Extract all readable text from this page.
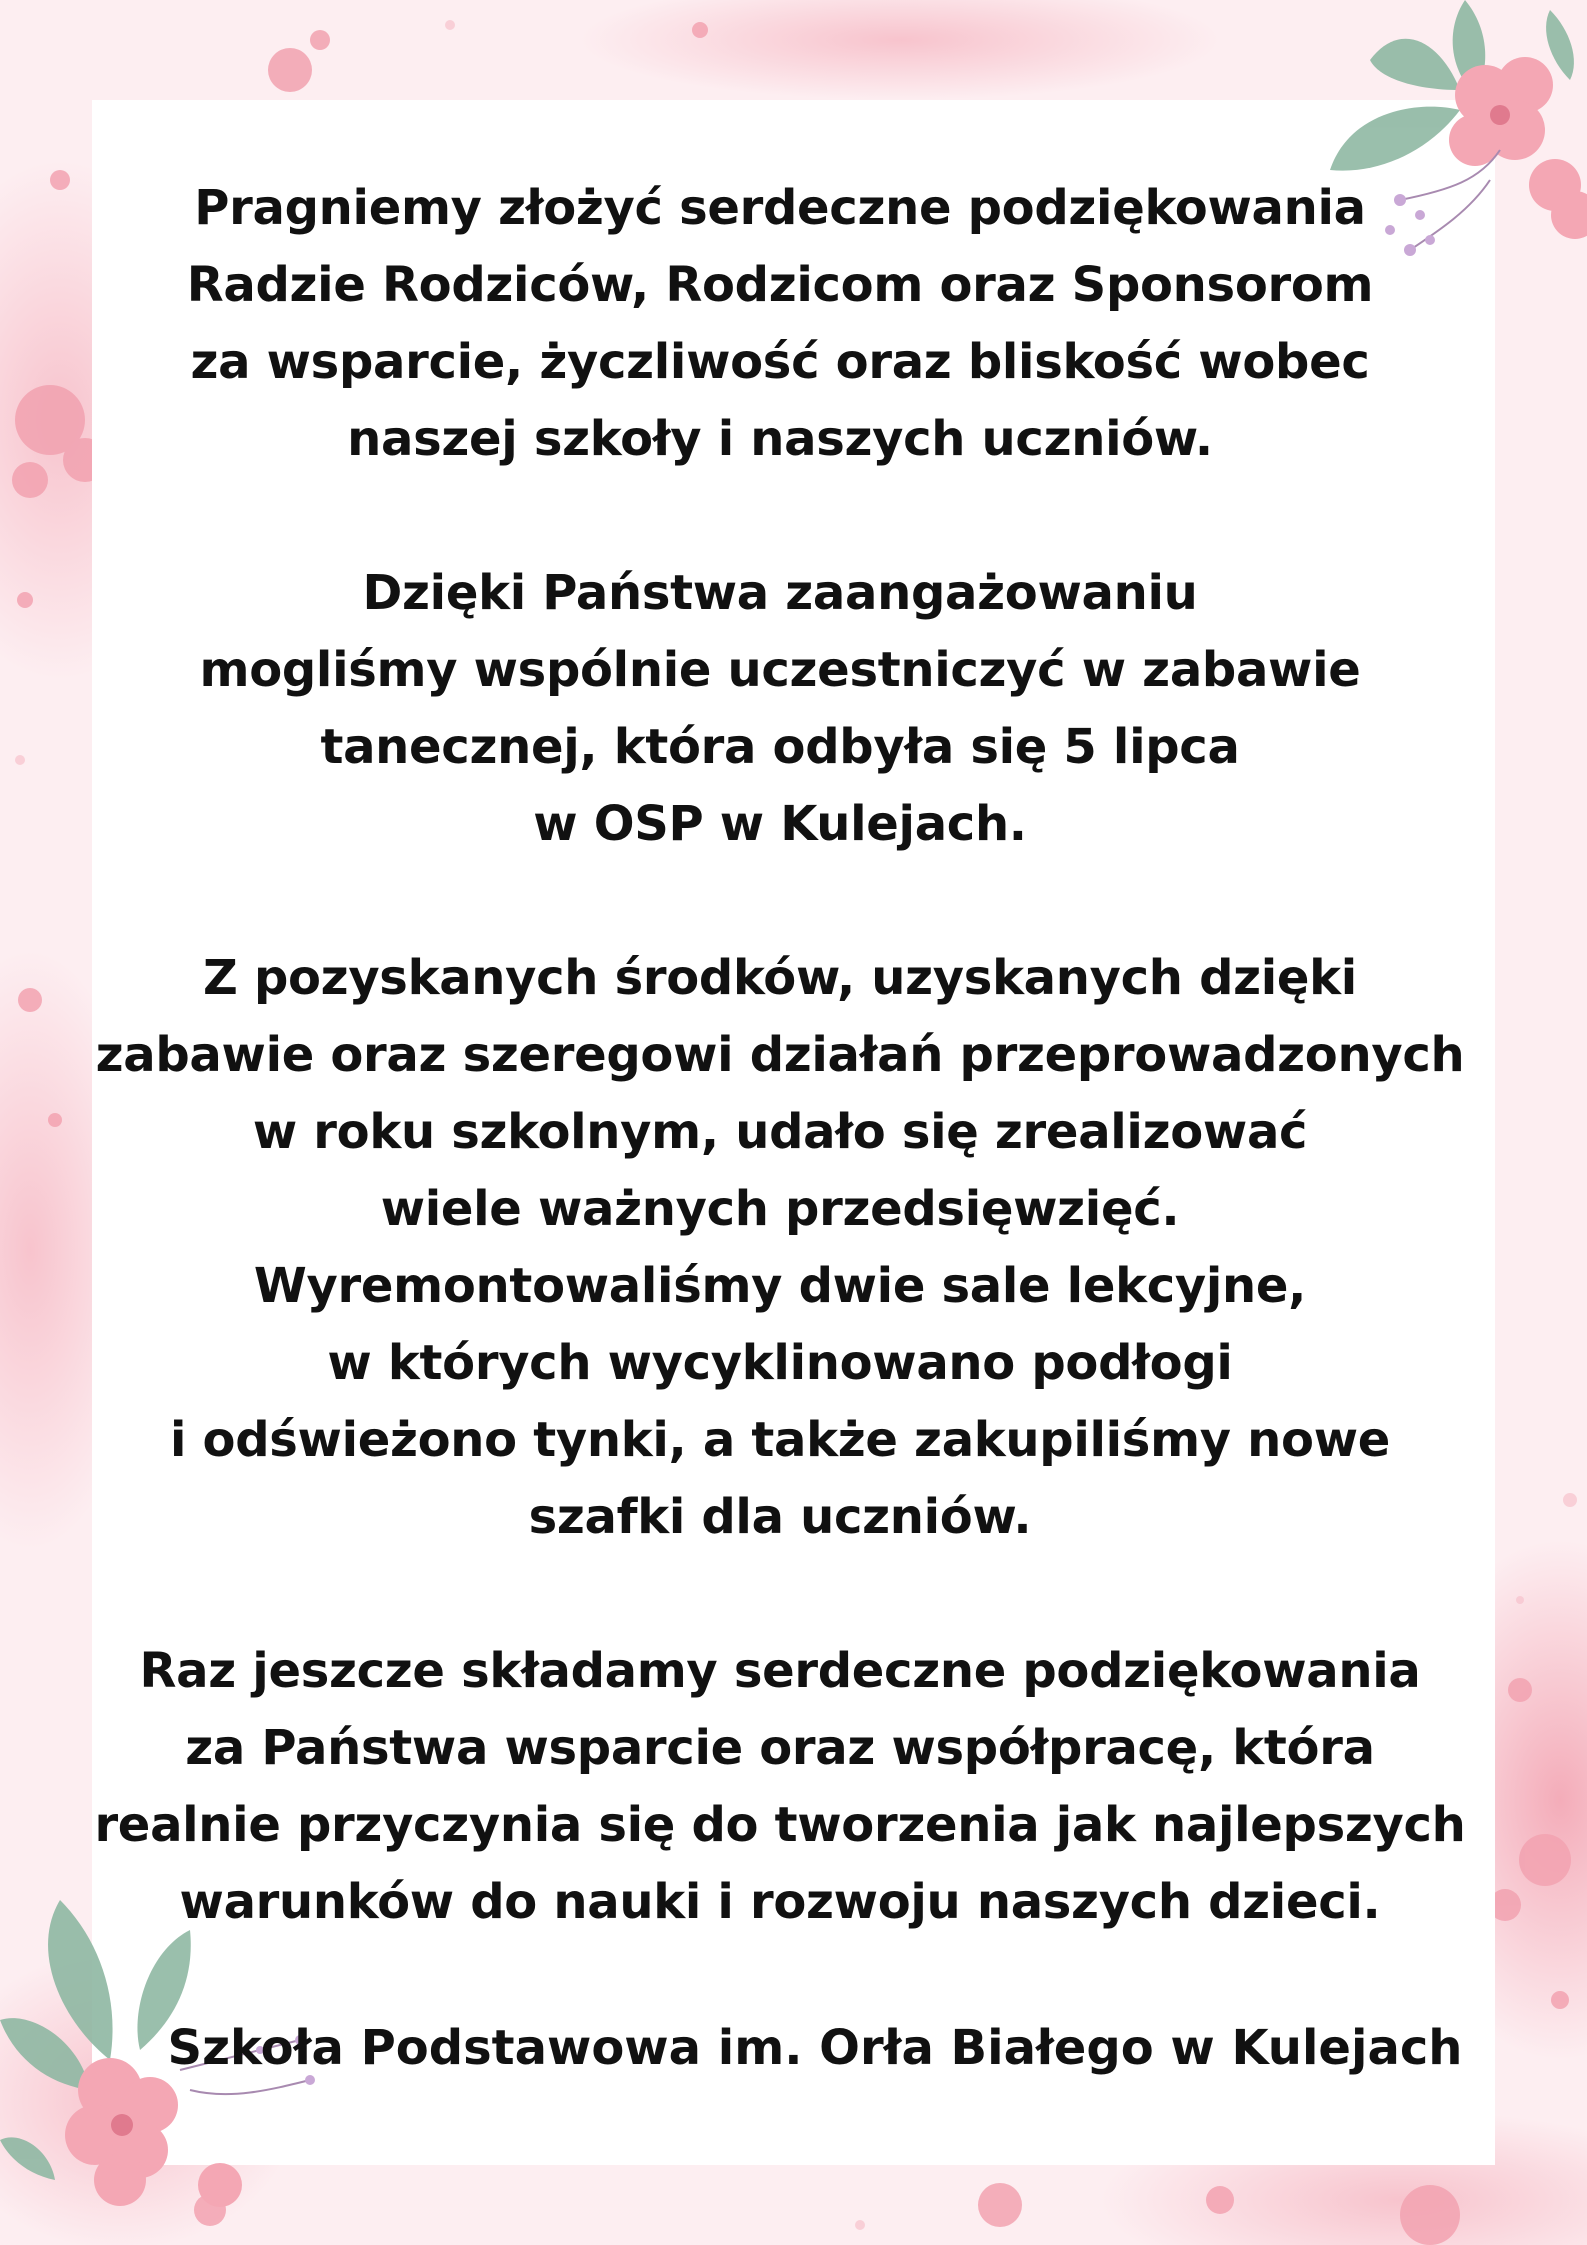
Pragniemy złożyć serdeczne podziękowania
Radzie Rodziców, Rodzicom oraz Sponsorom
za wsparcie, życzliwość oraz bliskość wobec
naszej szkoły i naszych uczniów.
Dzięki Państwa zaangażowaniu
mogliśmy wspólnie uczestniczyć w zabawie
tanecznej, która odbyła się 5 lipca
w OSP w Kulejach.
Z pozyskanych środków, uzyskanych dzięki
zabawie oraz szeregowi działań przeprowadzonych
w roku szkolnym, udało się zrealizować
wiele ważnych przedsięwzięć.
Wyremontowaliśmy dwie sale lekcyjne,
w których wycyklinowano podłogi
i odświeżono tynki, a także zakupiliśmy nowe
szafki dla uczniów.
Raz jeszcze składamy serdeczne podziękowania
za Państwa wsparcie oraz współpracę, która
realnie przyczynia się do tworzenia jak najlepszych
warunków do nauki i rozwoju naszych dzieci.
Szkoła Podstawowa im. Orła Białego w Kulejach
